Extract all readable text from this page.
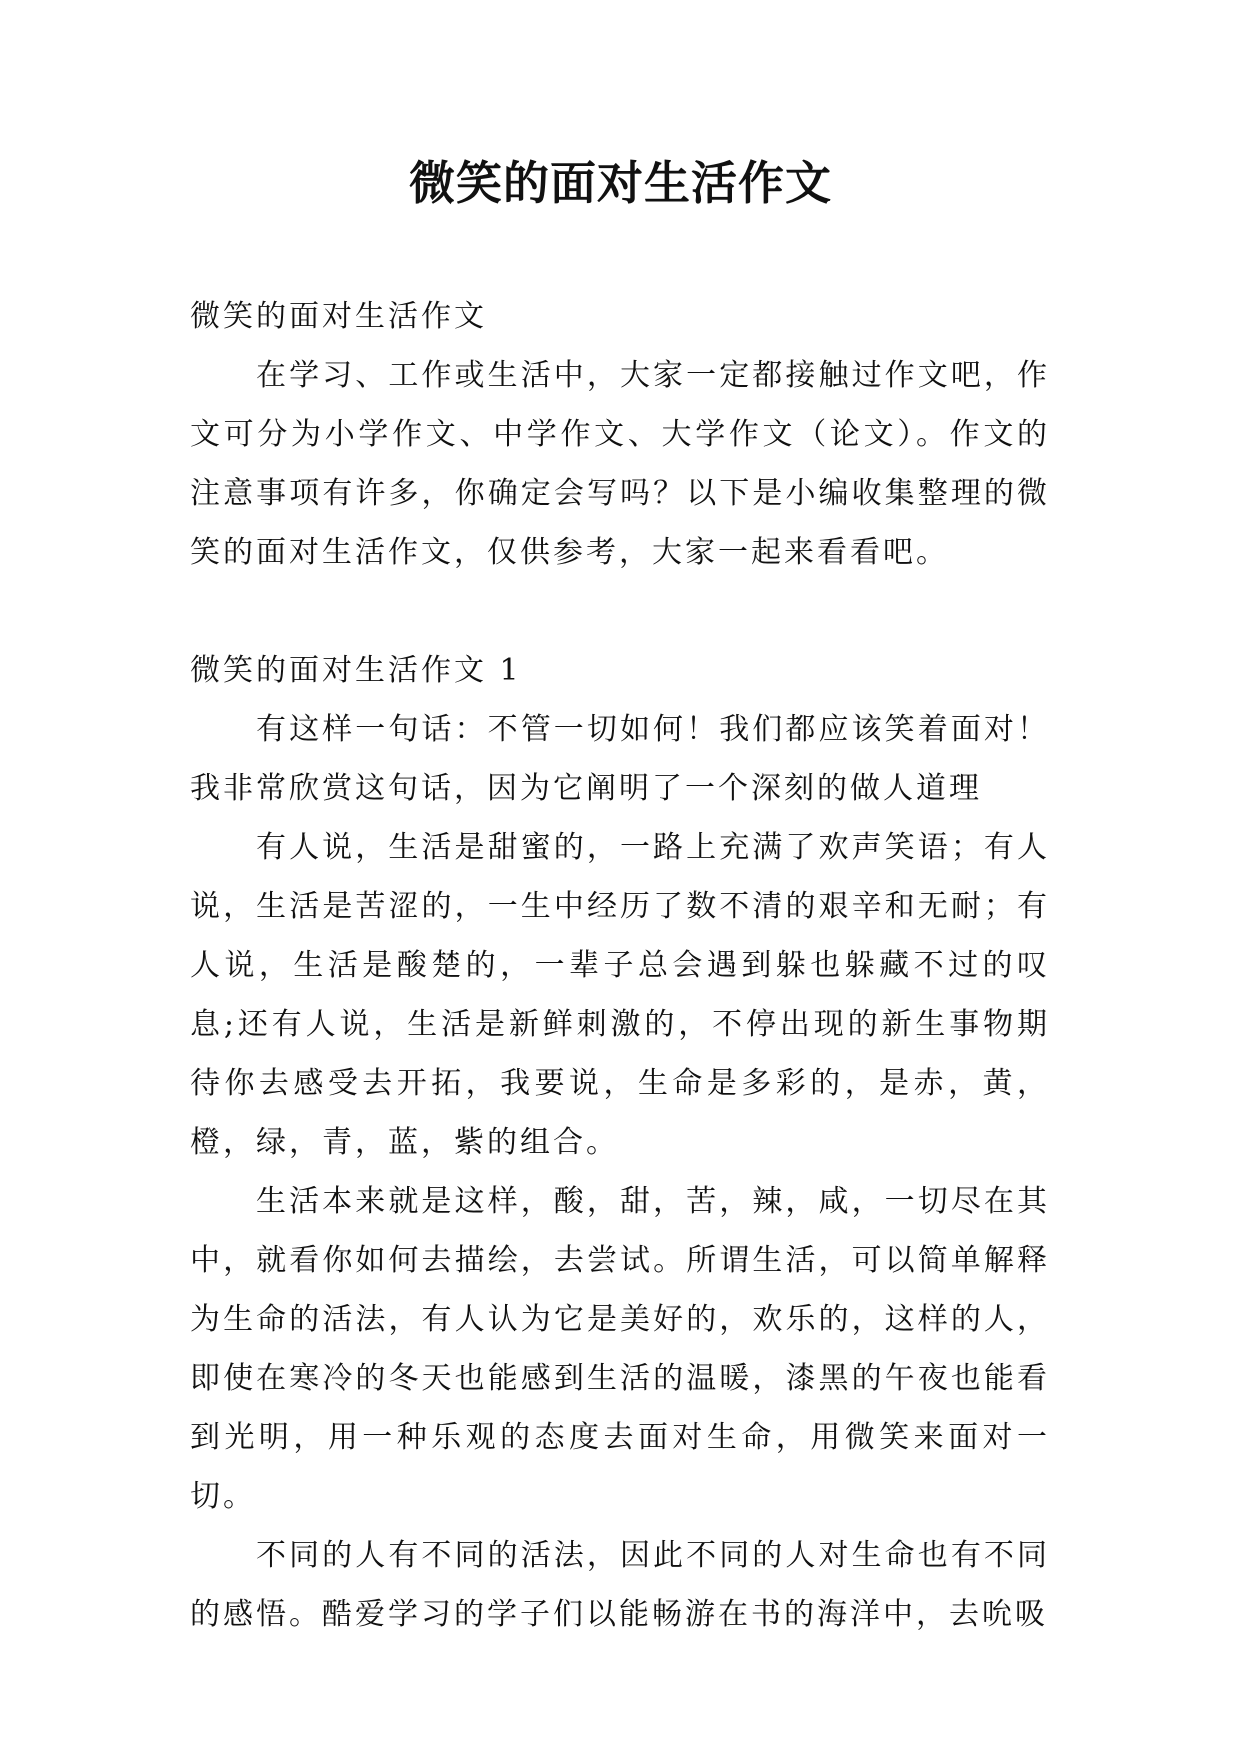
微笑的面对生活作文

微笑的面对生活作文

在学习、工作或生活中，大家一定都接触过作文吧，作文可分为小学作文、中学作文、大学作文（论文）。作文的注意事项有许多，你确定会写吗？以下是小编收集整理的微笑的面对生活作文，仅供参考，大家一起来看看吧。

微笑的面对生活作文 1

有这样一句话：不管一切如何！我们都应该笑着面对！我非常欣赏这句话，因为它阐明了一个深刻的做人道理

有人说，生活是甜蜜的，一路上充满了欢声笑语；有人说，生活是苦涩的，一生中经历了数不清的艰辛和无耐；有人说，生活是酸楚的，一辈子总会遇到躲也躲藏不过的叹息;还有人说，生活是新鲜刺激的，不停出现的新生事物期待你去感受去开拓，我要说，生命是多彩的，是赤，黄，橙，绿，青，蓝，紫的组合。

生活本来就是这样，酸，甜，苦，辣，咸，一切尽在其中，就看你如何去描绘，去尝试。所谓生活，可以简单解释为生命的活法，有人认为它是美好的，欢乐的，这样的人，即使在寒冷的冬天也能感到生活的温暖，漆黑的午夜也能看到光明，用一种乐观的态度去面对生命，用微笑来面对一切。

不同的人有不同的活法，因此不同的人对生命也有不同的感悟。酷爱学习的学子们以能畅游在书的海洋中，去吮吸
